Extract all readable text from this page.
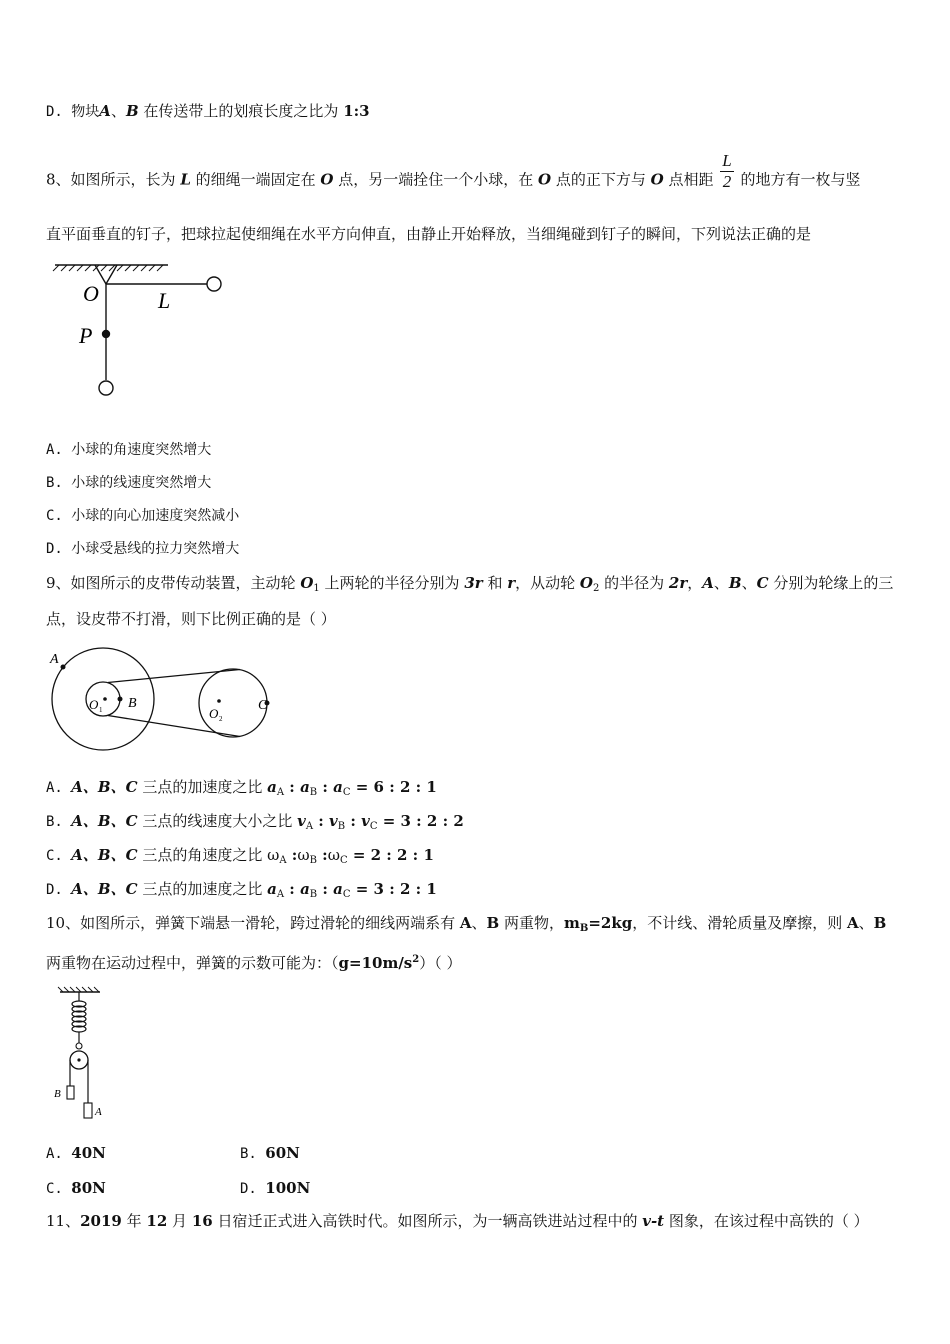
D. 物块A、B 在传送带上的划痕长度之比为 1:3
8、如图所示，长为 L 的细绳一端固定在 O 点，另一端拴住一个小球，在 O 点的正下方与 O 点相距 $\frac{L}{2}$ 的地方有一枚与竖
直平面垂直的钉子，把球拉起使细绳在水平方向伸直，由静止开始释放，当细绳碰到钉子的瞬间，下列说法正确的是
O	L
P
A. 小球的角速度突然增大
B. 小球的线速度突然增大
C. 小球的向心加速度突然减小
D. 小球受悬线的拉力突然增大
9、如图所示的皮带传动装置，主动轮 $O_1$ 上两轮的半径分别为 3r 和 r，从动轮 $O_2$ 的半径为 2r，A、B、C 分别为轮缘上的三
点，设皮带不打滑，则下比例正确的是（ ）
A
B	C
O 1	O 2
A. A、B、C 三点的加速度之比 $a_A$ : $a_B$ : $a_C = 6$ : 2 : 1
B. A、B、C 三点的线速度大小之比 $v_A$ : $v_B$ : $v_C = 3$ : 2 : 2
C. A、B、C 三点的角速度之比 $\omega_A$ $:\omega_B$ $:\omega_C = 2$ : 2 : 1
D. A、B、C 三点的加速度之比 $a_A$ : $a_B$ : $a_C = 3$ : 2 : 1
10、如图所示，弹簧下端悬一滑轮，跨过滑轮的细线两端系有 A、B 两重物，$m_B=2kg$，不计线、滑轮质量及摩擦，则 A、B
两重物在运动过程中，弹簧的示数可能为：$(g=10m/s^2)$（ ）
B
A
A. 40N	B. 60N
C. 80N	D. 100N
11、2019 年 12 月 16 日宿迁正式进入高铁时代。如图所示，为一辆高铁进站过程中的 v-t 图象，在该过程中高铁的（ ）
